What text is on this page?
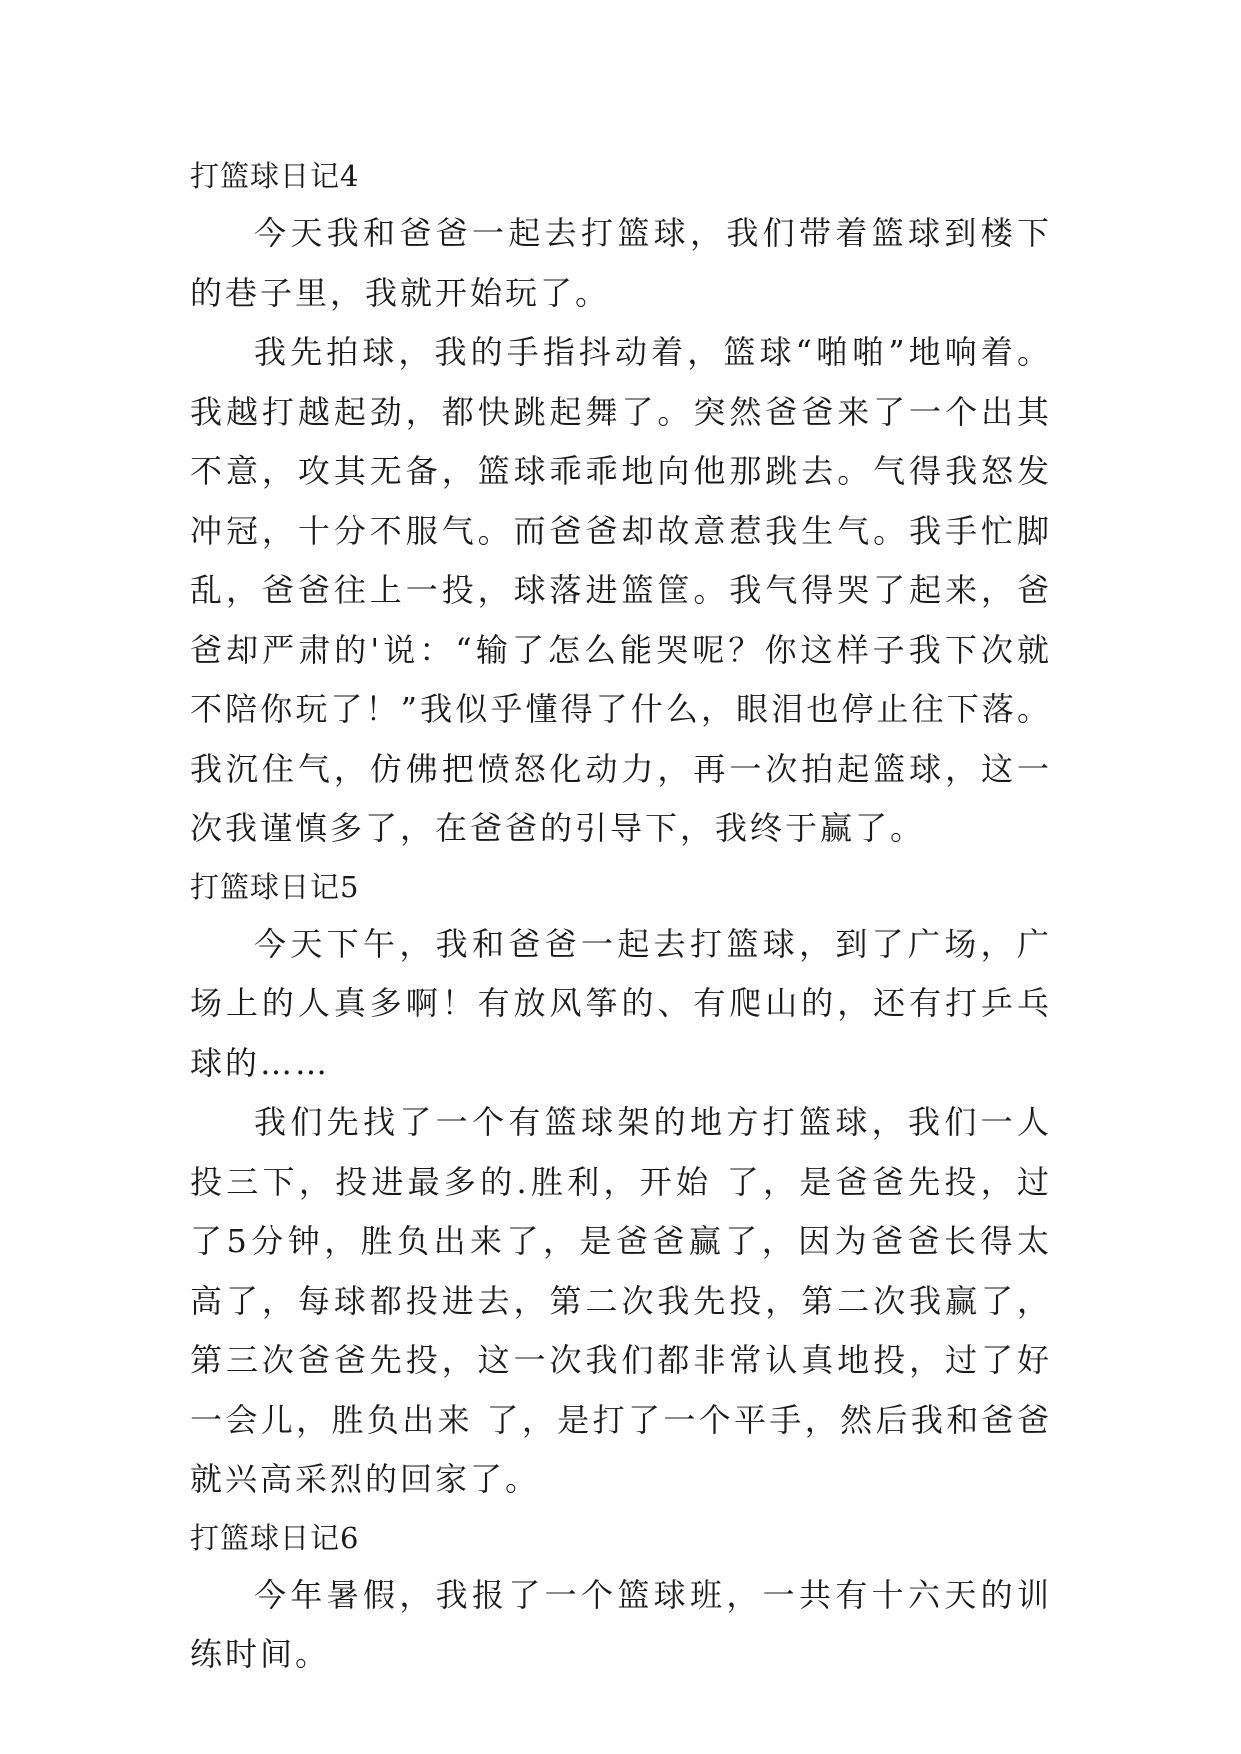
打篮球日记4

今天我和爸爸一起去打篮球，我们带着篮球到楼下的巷子里，我就开始玩了。

我先拍球，我的手指抖动着，篮球“啪啪”地响着。我越打越起劲，都快跳起舞了。突然爸爸来了一个出其不意，攻其无备，篮球乖乖地向他那跳去。气得我怒发冲冠，十分不服气。而爸爸却故意惹我生气。我手忙脚乱，爸爸往上一投，球落进篮筐。我气得哭了起来，爸爸却严肃的'说：“输了怎么能哭呢？你这样子我下次就不陪你玩了！”我似乎懂得了什么，眼泪也停止往下落。我沉住气，仿佛把愤怒化动力，再一次拍起篮球，这一次我谨慎多了，在爸爸的引导下，我终于赢了。

打篮球日记5

今天下午，我和爸爸一起去打篮球，到了广场，广场上的人真多啊！有放风筝的、有爬山的，还有打乒乓球的……

我们先找了一个有篮球架的地方打篮球，我们一人投三下，投进最多的.胜利，开始 了，是爸爸先投，过了5分钟，胜负出来了，是爸爸赢了，因为爸爸长得太高了，每球都投进去，第二次我先投，第二次我赢了，第三次爸爸先投，这一次我们都非常认真地投，过了好一会儿，胜负出来 了，是打了一个平手，然后我和爸爸就兴高采烈的回家了。

打篮球日记6

今年暑假，我报了一个篮球班，一共有十六天的训练时间。
